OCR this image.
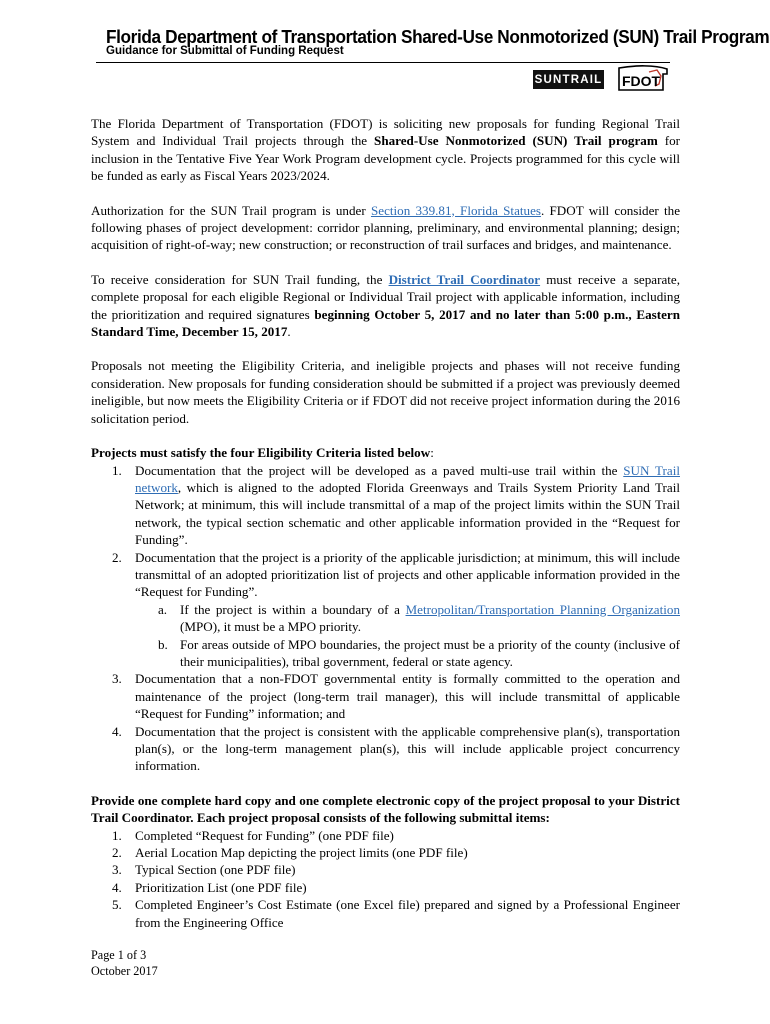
Florida Department of Transportation Shared-Use Nonmotorized (SUN) Trail Program
Guidance for Submittal of Funding Request
SUNTRAIL FDOT

The Florida Department of Transportation (FDOT) is soliciting new proposals for funding Regional Trail System and Individual Trail projects through the Shared-Use Nonmotorized (SUN) Trail program for inclusion in the Tentative Five Year Work Program development cycle. Projects programmed for this cycle will be funded as early as Fiscal Years 2023/2024.

Authorization for the SUN Trail program is under Section 339.81, Florida Statues. FDOT will consider the following phases of project development: corridor planning, preliminary, and environmental planning; design; acquisition of right-of-way; new construction; or reconstruction of trail surfaces and bridges, and maintenance.

To receive consideration for SUN Trail funding, the District Trail Coordinator must receive a separate, complete proposal for each eligible Regional or Individual Trail project with applicable information, including the prioritization and required signatures beginning October 5, 2017 and no later than 5:00 p.m., Eastern Standard Time, December 15, 2017.

Proposals not meeting the Eligibility Criteria, and ineligible projects and phases will not receive funding consideration. New proposals for funding consideration should be submitted if a project was previously deemed ineligible, but now meets the Eligibility Criteria or if FDOT did not receive project information during the 2016 solicitation period.

Projects must satisfy the four Eligibility Criteria listed below:

1. Documentation that the project will be developed as a paved multi-use trail within the SUN Trail network, which is aligned to the adopted Florida Greenways and Trails System Priority Land Trail Network; at minimum, this will include transmittal of a map of the project limits within the SUN Trail network, the typical section schematic and other applicable information provided in the “Request for Funding”.
2. Documentation that the project is a priority of the applicable jurisdiction; at minimum, this will include transmittal of an adopted prioritization list of projects and other applicable information provided in the “Request for Funding”.
a. If the project is within a boundary of a Metropolitan/Transportation Planning Organization (MPO), it must be a MPO priority.
b. For areas outside of MPO boundaries, the project must be a priority of the county (inclusive of their municipalities), tribal government, federal or state agency.
3. Documentation that a non-FDOT governmental entity is formally committed to the operation and maintenance of the project (long-term trail manager), this will include transmittal of applicable “Request for Funding” information; and
4. Documentation that the project is consistent with the applicable comprehensive plan(s), transportation plan(s), or the long-term management plan(s), this will include applicable project concurrency information.

Provide one complete hard copy and one complete electronic copy of the project proposal to your District Trail Coordinator. Each project proposal consists of the following submittal items:

1. Completed “Request for Funding” (one PDF file)
2. Aerial Location Map depicting the project limits (one PDF file)
3. Typical Section (one PDF file)
4. Prioritization List (one PDF file)
5. Completed Engineer’s Cost Estimate (one Excel file) prepared and signed by a Professional Engineer from the Engineering Office
Page 1 of 3
October 2017
